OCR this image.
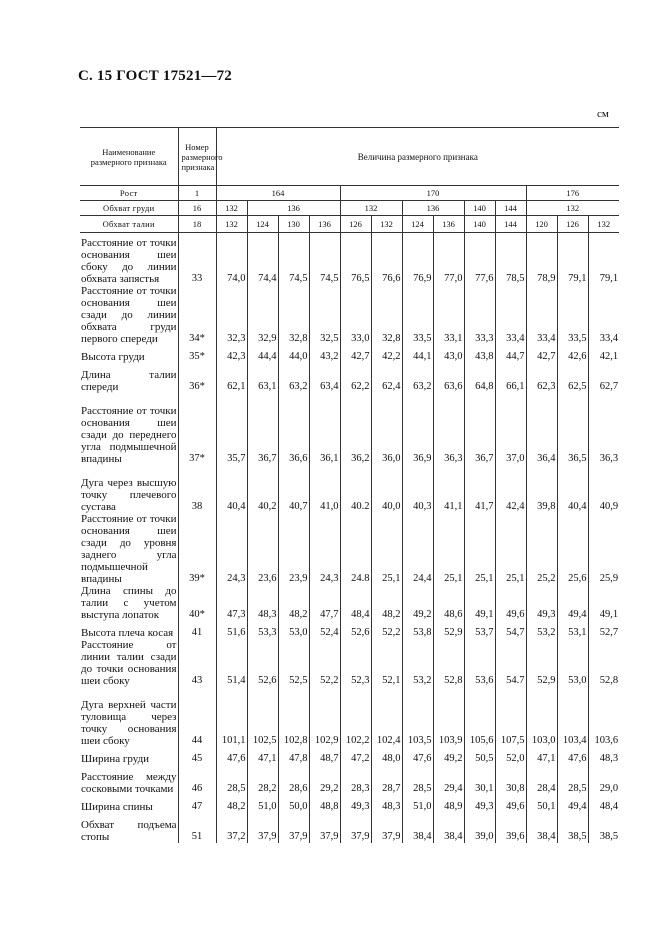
С. 15 ГОСТ 17521—72
см
Наименование размерного признака	Номер размерного признака	Величина размерного признака												
Рост	1	164				170						176		
Обхват груди	16	132	136			132		136		140	144	132		
Обхват талии	18	132	124	130	136	126	132	124	136	140	144	120	126	132
Расстояние от точки основания шеи сбоку до линии обхвата запястья	33	74,0	74,4	74,5	74,5	76,5	76,6	76,9	77,0	77,6	78,5	78,9	79,1	79,1
Расстояние от точки основания шеи сзади до линии обхвата груди первого спереди	34*	32,3	32,9	32,8	32,5	33,0	32,8	33,5	33,1	33,3	33,4	33,4	33,5	33,4
Высота груди	35*	42,3	44,4	44,0	43,2	42,7	42,2	44,1	43,0	43,8	44,7	42,7	42,6	42,1
Длина талии спереди	36*	62,1	63,1	63,2	63,4	62,2	62,4	63,2	63,6	64,8	66,1	62,3	62,5	62,7
Расстояние от точки основания шеи сзади до переднего угла подмышечной впадины	37*	35,7	36,7	36,6	36,1	36,2	36,0	36,9	36,3	36,7	37,0	36,4	36,5	36,3
Дуга через высшую точку плечевого сустава	38	40,4	40,2	40,7	41,0	40.2	40,0	40,3	41,1	41,7	42,4	39,8	40,4	40,9
Расстояние от точки основания шеи сзади до уровня заднего угла подмышечной впадины	39*	24,3	23,6	23,9	24,3	24.8	25,1	24,4	25,1	25,1	25,1	25,2	25,6	25,9
Длина спины до талии с учетом выступа лопаток	40*	47,3	48,3	48,2	47,7	48,4	48,2	49,2	48,6	49,1	49,6	49,3	49,4	49,1
Высота плеча косая	41	51,6	53,3	53,0	52,4	52,6	52,2	53,8	52,9	53,7	54,7	53,2	53,1	52,7
Расстояние от линии талии сзади до точки основания шеи сбоку	43	51,4	52,6	52,5	52,2	52,3	52,1	53,2	52,8	53,6	54.7	52,9	53,0	52,8
Дуга верхней части туловища через точку основания шеи сбоку	44	101,1	102,5	102,8	102,9	102,2	102,4	103,5	103,9	105,6	107,5	103,0	103,4	103,6
Ширина груди	45	47,6	47,1	47,8	48,7	47,2	48,0	47,6	49,2	50,5	52,0	47,1	47,6	48,3
Расстояние между сосковыми точками	46	28,5	28,2	28,6	29,2	28,3	28,7	28,5	29,4	30,1	30,8	28,4	28,5	29,0
Ширина спины	47	48,2	51,0	50,0	48,8	49,3	48,3	51,0	48,9	49,3	49,6	50,1	49,4	48,4
Обхват подъема стопы	51	37,2	37,9	37,9	37,9	37,9	37,9	38,4	38,4	39,0	39,6	38,4	38,5	38,5
